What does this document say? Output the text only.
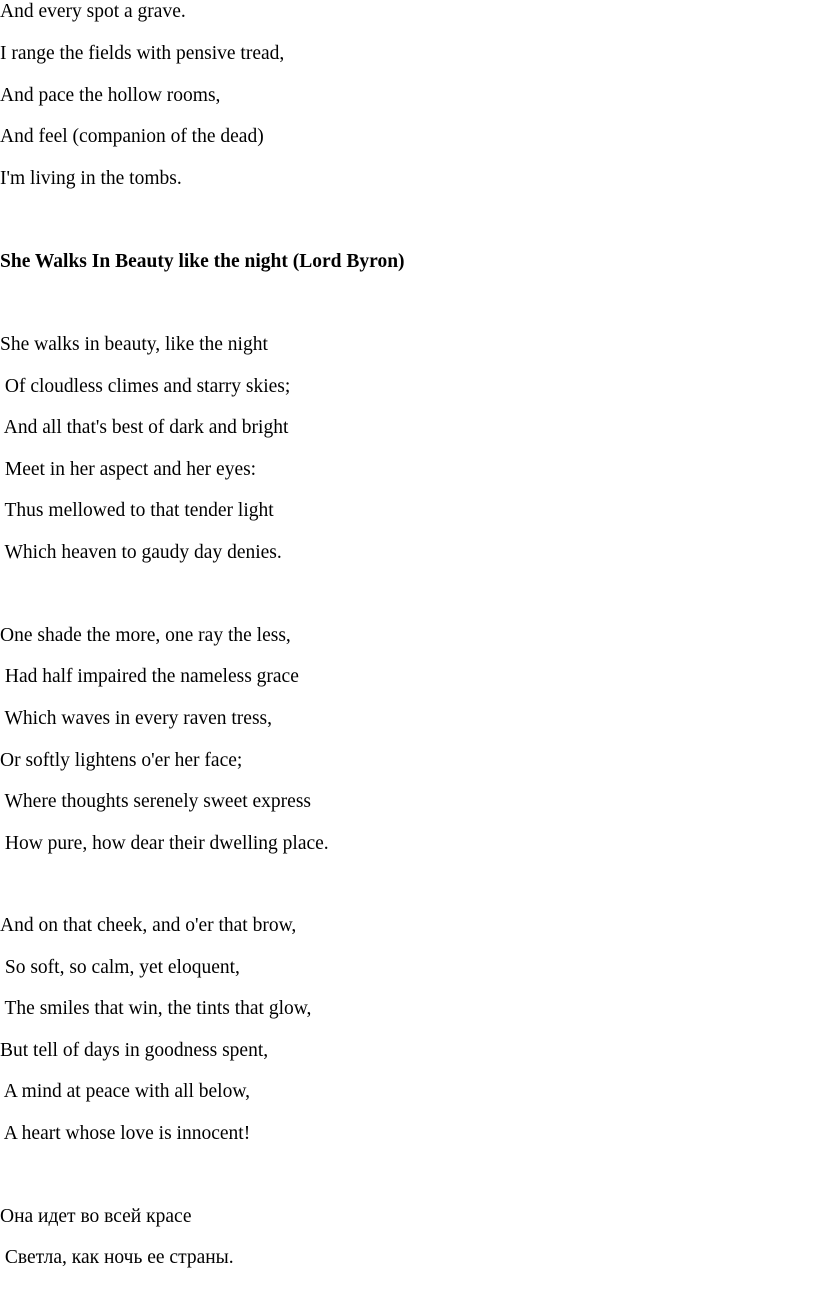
And every spot a grave.
I range the fields with pensive tread,
And pace the hollow rooms,
And feel (companion of the dead)
I'm living in the tombs.
She Walks In Beauty like the night (Lord Byron)
She walks in beauty, like the night
Of cloudless climes and starry skies;
And all that's best of dark and bright
Meet in her aspect and her eyes:
Thus mellowed to that tender light
Which heaven to gaudy day denies.
One shade the more, one ray the less,
Had half impaired the nameless grace
Which waves in every raven tress,
Or softly lightens o'er her face;
Where thoughts serenely sweet express
How pure, how dear their dwelling place.
And on that cheek, and o'er that brow,
So soft, so calm, yet eloquent,
The smiles that win, the tints that glow,
But tell of days in goodness spent,
A mind at peace with all below,
A heart whose love is innocent!
Она идет во всей красе
Светла, как ночь ее страны.
